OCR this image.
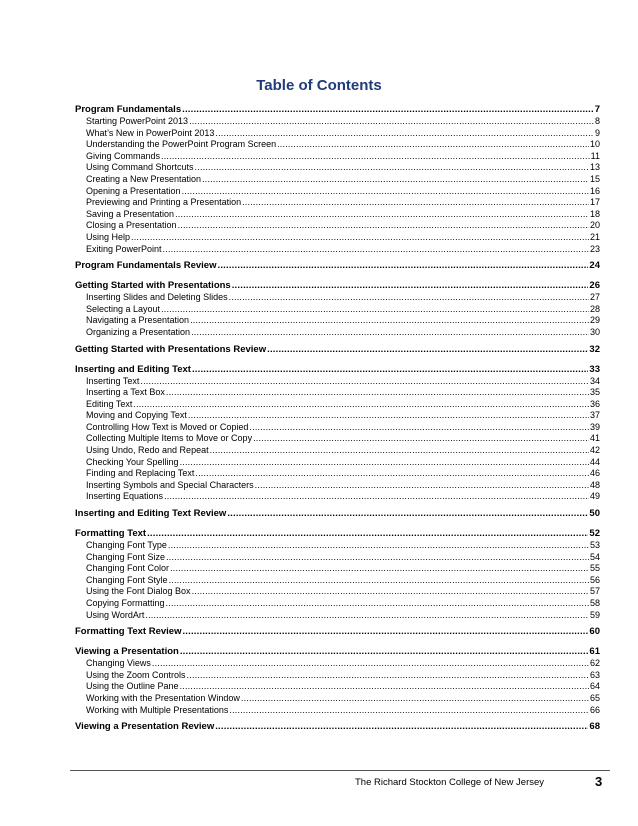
Table of Contents
Program Fundamentals .....	7
Starting PowerPoint 2013 .....	8
What’s New in PowerPoint 2013 .....	9
Understanding the PowerPoint Program Screen .....	10
Giving Commands .....	11
Using Command Shortcuts .....	13
Creating a New Presentation .....	15
Opening a Presentation .....	16
Previewing and Printing a Presentation .....	17
Saving a Presentation .....	18
Closing a Presentation .....	20
Using Help .....	21
Exiting PowerPoint .....	23
Program Fundamentals Review .....	24
Getting Started with Presentations .....	26
Inserting Slides and Deleting Slides .....	27
Selecting a Layout .....	28
Navigating a Presentation .....	29
Organizing a Presentation .....	30
Getting Started with Presentations Review .....	32
Inserting and Editing Text .....	33
Inserting Text .....	34
Inserting a Text Box .....	35
Editing Text .....	36
Moving and Copying Text .....	37
Controlling How Text is Moved or Copied .....	39
Collecting Multiple Items to Move or Copy .....	41
Using Undo, Redo and Repeat .....	42
Checking Your Spelling .....	44
Finding and Replacing Text .....	46
Inserting Symbols and Special Characters .....	48
Inserting Equations .....	49
Inserting and Editing Text Review .....	50
Formatting Text .....	52
Changing Font Type .....	53
Changing Font Size .....	54
Changing Font Color .....	55
Changing Font Style .....	56
Using the Font Dialog Box .....	57
Copying Formatting .....	58
Using WordArt .....	59
Formatting Text Review .....	60
Viewing a Presentation .....	61
Changing Views .....	62
Using the Zoom Controls .....	63
Using the Outline Pane .....	64
Working with the Presentation Window .....	65
Working with Multiple Presentations .....	66
Viewing a Presentation Review .....	68
The Richard Stockton College of New Jersey	3
